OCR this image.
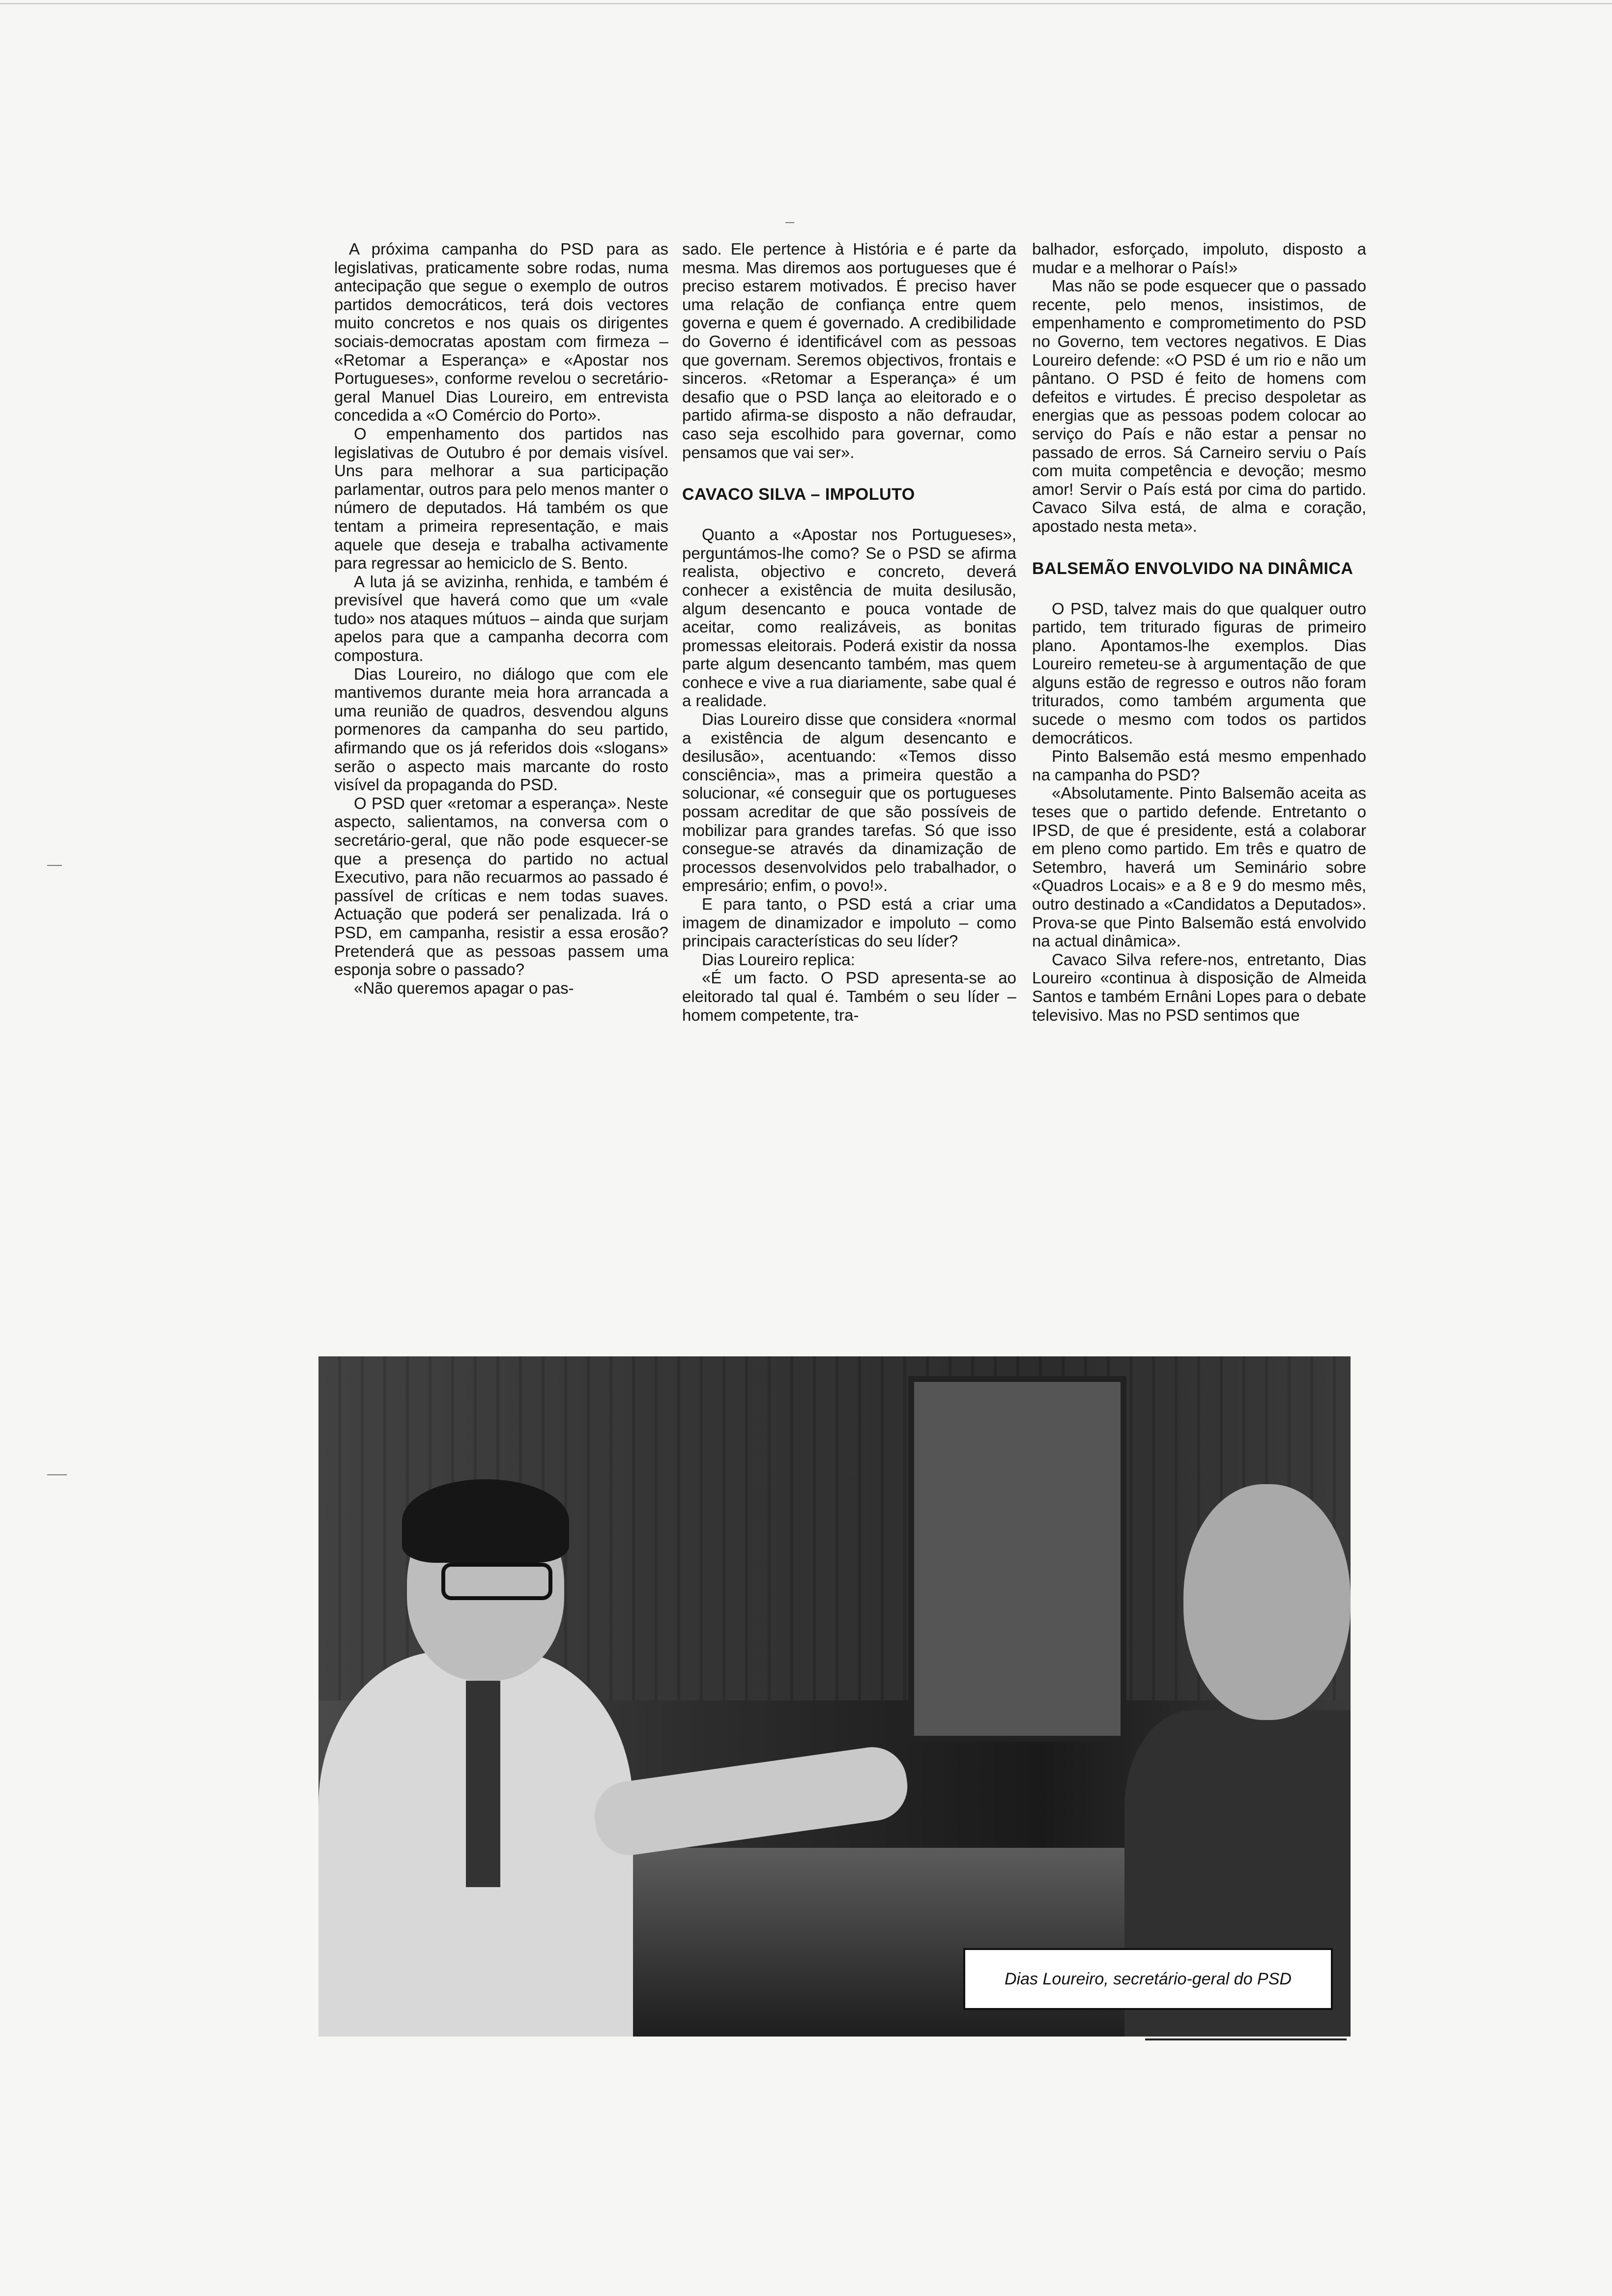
A próxima campanha do PSD para as legislativas, praticamente sobre rodas, numa antecipação que segue o exemplo de outros partidos democráticos, terá dois vectores muito concretos e nos quais os dirigentes sociais-democratas apostam com firmeza – «Retomar a Esperança» e «Apostar nos Portugueses», conforme revelou o secretário-geral Manuel Dias Loureiro, em entrevista concedida a «O Comércio do Porto».

O empenhamento dos partidos nas legislativas de Outubro é por demais visível. Uns para melhorar a sua participação parlamentar, outros para pelo menos manter o número de deputados. Há também os que tentam a primeira representação, e mais aquele que deseja e trabalha activamente para regressar ao hemiciclo de S. Bento.

A luta já se avizinha, renhida, e também é previsível que haverá como que um «vale tudo» nos ataques mútuos – ainda que surjam apelos para que a campanha decorra com compostura.

Dias Loureiro, no diálogo que com ele mantivemos durante meia hora arrancada a uma reunião de quadros, desvendou alguns pormenores da campanha do seu partido, afirmando que os já referidos dois «slogans» serão o aspecto mais marcante do rosto visível da propaganda do PSD.

O PSD quer «retomar a esperança». Neste aspecto, salientamos, na conversa com o secretário-geral, que não pode esquecer-se que a presença do partido no actual Executivo, para não recuarmos ao passado é passível de críticas e nem todas suaves. Actuação que poderá ser penalizada. Irá o PSD, em campanha, resistir a essa erosão? Pretenderá que as pessoas passem uma esponja sobre o passado?

«Não queremos apagar o pas-

sado. Ele pertence à História e é parte da mesma. Mas diremos aos portugueses que é preciso estarem motivados. É preciso haver uma relação de confiança entre quem governa e quem é governado. A credibilidade do Governo é identificável com as pessoas que governam. Seremos objectivos, frontais e sinceros. «Retomar a Esperança» é um desafio que o PSD lança ao eleitorado e o partido afirma-se disposto a não defraudar, caso seja escolhido para governar, como pensamos que vai ser».

CAVACO SILVA – IMPOLUTO

Quanto a «Apostar nos Portugueses», perguntámos-lhe como? Se o PSD se afirma realista, objectivo e concreto, deverá conhecer a existência de muita desilusão, algum desencanto e pouca vontade de aceitar, como realizáveis, as bonitas promessas eleitorais. Poderá existir da nossa parte algum desencanto também, mas quem conhece e vive a rua diariamente, sabe qual é a realidade.

Dias Loureiro disse que considera «normal a existência de algum desencanto e desilusão», acentuando: «Temos disso consciência», mas a primeira questão a solucionar, «é conseguir que os portugueses possam acreditar de que são possíveis de mobilizar para grandes tarefas. Só que isso consegue-se através da dinamização de processos desenvolvidos pelo trabalhador, o empresário; enfim, o povo!».

E para tanto, o PSD está a criar uma imagem de dinamizador e impoluto – como principais características do seu líder?

Dias Loureiro replica:

«É um facto. O PSD apresenta-se ao eleitorado tal qual é. Também o seu líder – homem competente, tra-

balhador, esforçado, impoluto, disposto a mudar e a melhorar o País!»

Mas não se pode esquecer que o passado recente, pelo menos, insistimos, de empenhamento e comprometimento do PSD no Governo, tem vectores negativos. E Dias Loureiro defende: «O PSD é um rio e não um pântano. O PSD é feito de homens com defeitos e virtudes. É preciso despoletar as energias que as pessoas podem colocar ao serviço do País e não estar a pensar no passado de erros. Sá Carneiro serviu o País com muita competência e devoção; mesmo amor! Servir o País está por cima do partido. Cavaco Silva está, de alma e coração, apostado nesta meta».

BALSEMÃO ENVOLVIDO NA DINÂMICA

O PSD, talvez mais do que qualquer outro partido, tem triturado figuras de primeiro plano. Apontamos-lhe exemplos. Dias Loureiro remeteu-se à argumentação de que alguns estão de regresso e outros não foram triturados, como também argumenta que sucede o mesmo com todos os partidos democráticos.

Pinto Balsemão está mesmo empenhado na campanha do PSD?

«Absolutamente. Pinto Balsemão aceita as teses que o partido defende. Entretanto o IPSD, de que é presidente, está a colaborar em pleno como partido. Em três e quatro de Setembro, haverá um Seminário sobre «Quadros Locais» e a 8 e 9 do mesmo mês, outro destinado a «Candidatos a Deputados». Prova-se que Pinto Balsemão está envolvido na actual dinâmica».

Cavaco Silva refere-nos, entretanto, Dias Loureiro «continua à disposição de Almeida Santos e também Ernâni Lopes para o debate televisivo. Mas no PSD sentimos que

Dias Loureiro, secretário-geral do PSD
